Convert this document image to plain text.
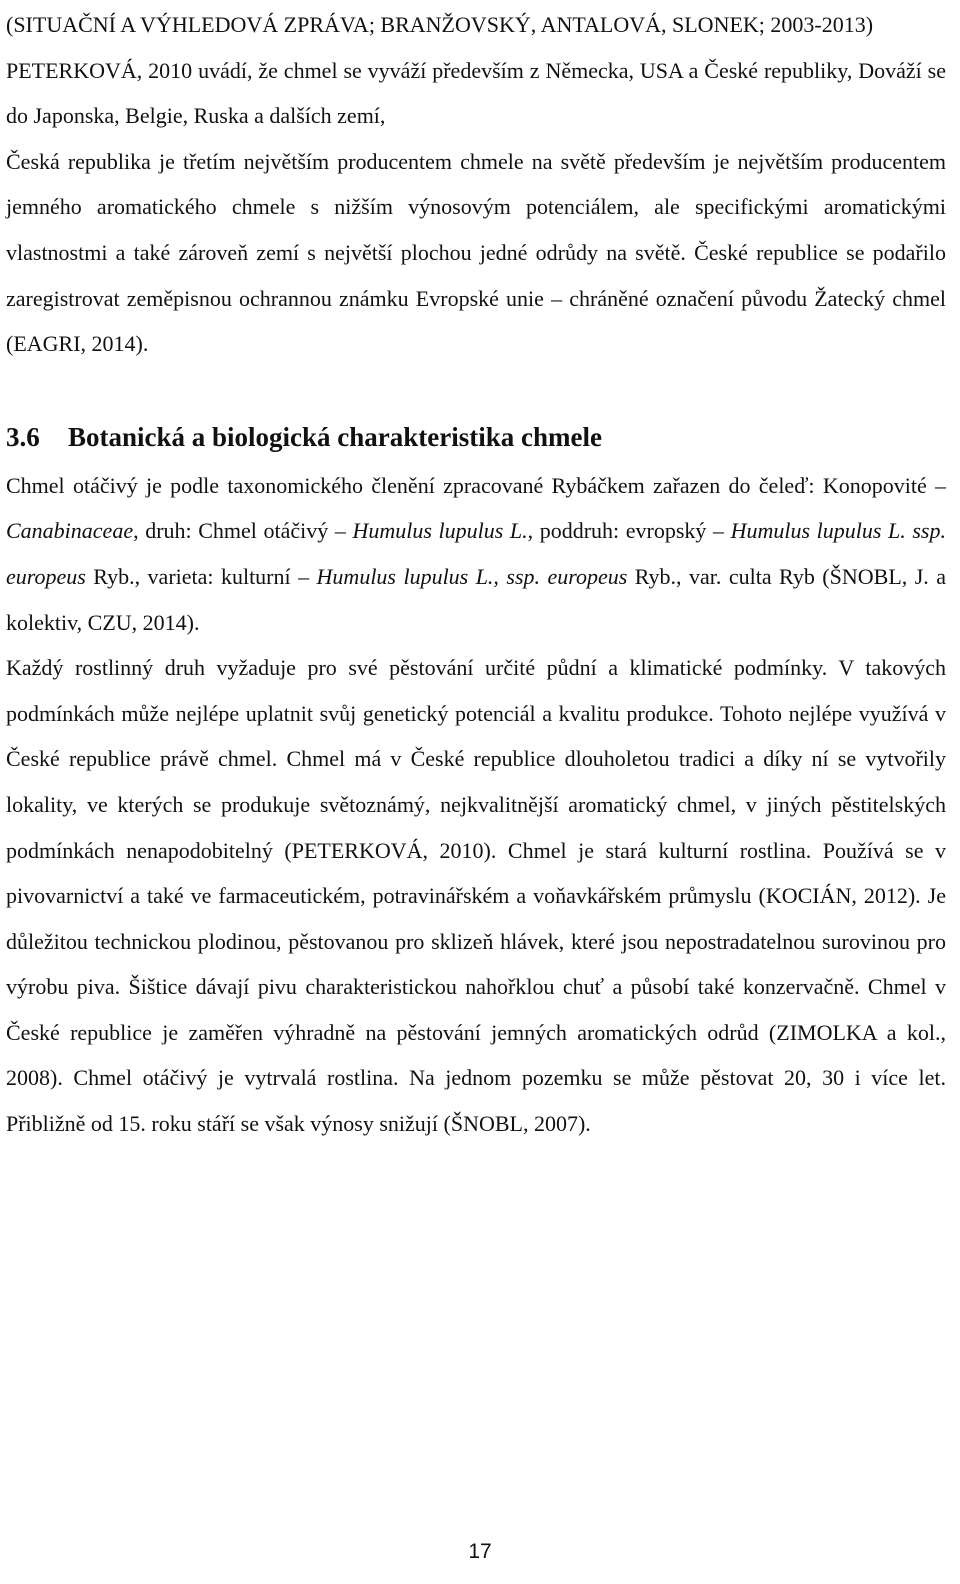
(SITUAČNÍ A VÝHLEDOVÁ ZPRÁVA; BRANŽOVSKÝ, ANTALOVÁ, SLONEK; 2003-2013)

PETERKOVÁ, 2010 uvádí, že chmel se vyváží především z Německa, USA a České republiky, Dováží se do Japonska, Belgie, Ruska a dalších zemí,

Česká republika je třetím největším producentem chmele na světě především je největším producentem jemného aromatického chmele s nižším výnosovým potenciálem, ale specifickými aromatickými vlastnostmi a také zároveň zemí s největší plochou jedné odrůdy na světě. České republice se podařilo zaregistrovat zeměpisnou ochrannou známku Evropské unie – chráněné označení původu Žatecký chmel (EAGRI, 2014).

3.6 Botanická a biologická charakteristika chmele

Chmel otáčivý je podle taxonomického členění zpracované Rybáčkem zařazen do čeleď: Konopovité – Canabinaceae, druh: Chmel otáčivý – Humulus lupulus L., poddruh: evropský – Humulus lupulus L. ssp. europeus Ryb., varieta: kulturní – Humulus lupulus L., ssp. europeus Ryb., var. culta Ryb (ŠNOBL, J. a kolektiv, CZU, 2014).

Každý rostlinný druh vyžaduje pro své pěstování určité půdní a klimatické podmínky. V takových podmínkách může nejlépe uplatnit svůj genetický potenciál a kvalitu produkce. Tohoto nejlépe využívá v České republice právě chmel. Chmel má v České republice dlouholetou tradici a díky ní se vytvořily lokality, ve kterých se produkuje světoznámý, nejkvalitnější aromatický chmel, v jiných pěstitelských podmínkách nenapodobitelný (PETERKOVÁ, 2010). Chmel je stará kulturní rostlina. Používá se v pivovarnictví a také ve farmaceutickém, potravinářském a voňavkářském průmyslu (KOCIÁN, 2012). Je důležitou technickou plodinou, pěstovanou pro sklizeň hlávek, které jsou nepostradatelnou surovinou pro výrobu piva. Šištice dávají pivu charakteristickou nahořklou chuť a působí také konzervačně. Chmel v České republice je zaměřen výhradně na pěstování jemných aromatických odrůd (ZIMOLKA a kol., 2008). Chmel otáčivý je vytrvalá rostlina. Na jednom pozemku se může pěstovat 20, 30 i více let. Přibližně od 15. roku stáří se však výnosy snižují (ŠNOBL, 2007).

17
